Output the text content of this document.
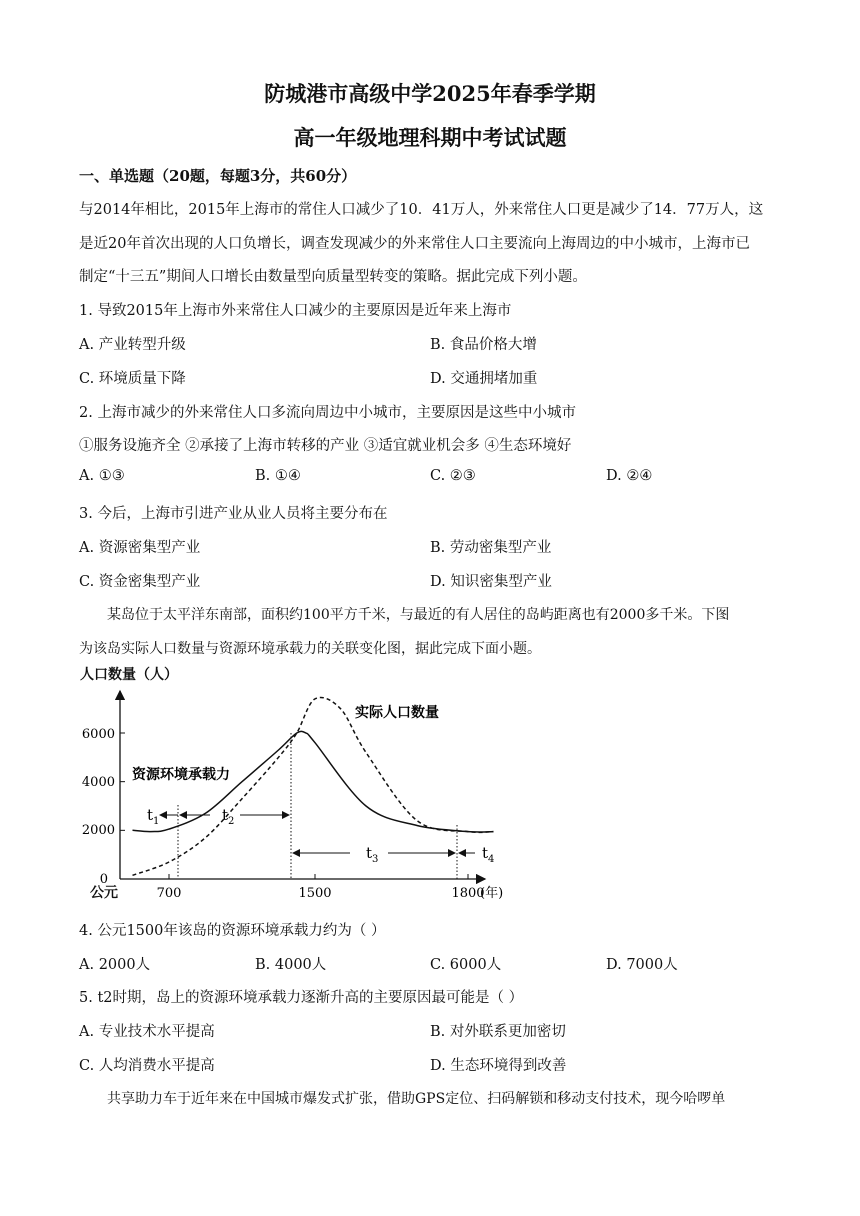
防城港市高级中学2025年春季学期
高一年级地理科期中考试试题
一、单选题（20题，每题3分，共60分）
与2014年相比，2015年上海市的常住人口减少了10．41万人，外来常住人口更是减少了14．77万人，这
是近20年首次出现的人口负增长，调查发现减少的外来常住人口主要流向上海周边的中小城市，上海市已
制定“十三五”期间人口增长由数量型向质量型转变的策略。据此完成下列小题。
1. 导致2015年上海市外来常住人口减少的主要原因是近年来上海市
A. 产业转型升级	B. 食品价格大增
C. 环境质量下降	D. 交通拥堵加重
2. 上海市减少的外来常住人口多流向周边中小城市，主要原因是这些中小城市
①服务设施齐全 ②承接了上海市转移的产业 ③适宜就业机会多 ④生态环境好
A. ①③	B. ①④	C. ②③	D. ②④
3. 今后，上海市引进产业从业人员将主要分布在
A. 资源密集型产业	B. 劳动密集型产业
C. 资金密集型产业	D. 知识密集型产业
某岛位于太平洋东南部，面积约100平方千米，与最近的有人居住的岛屿距离也有2000多千米。下图
为该岛实际人口数量与资源环境承载力的关联变化图，据此完成下面小题。
人口数量（人）
公元
0
2000
4000
6000
700	1500	1800
(年)
资源环境承载力
实际人口数量
$t_1$	$t_2$
$t_3$	$t_4$
4. 公元1500年该岛的资源环境承载力约为（ ）
A. 2000人	B. 4000人	C. 6000人	D. 7000人
5. t2时期，岛上的资源环境承载力逐渐升高的主要原因最可能是（ ）
A. 专业技术水平提高	B. 对外联系更加密切
C. 人均消费水平提高	D. 生态环境得到改善
共享助力车于近年来在中国城市爆发式扩张，借助GPS定位、扫码解锁和移动支付技术，现今哈啰单
